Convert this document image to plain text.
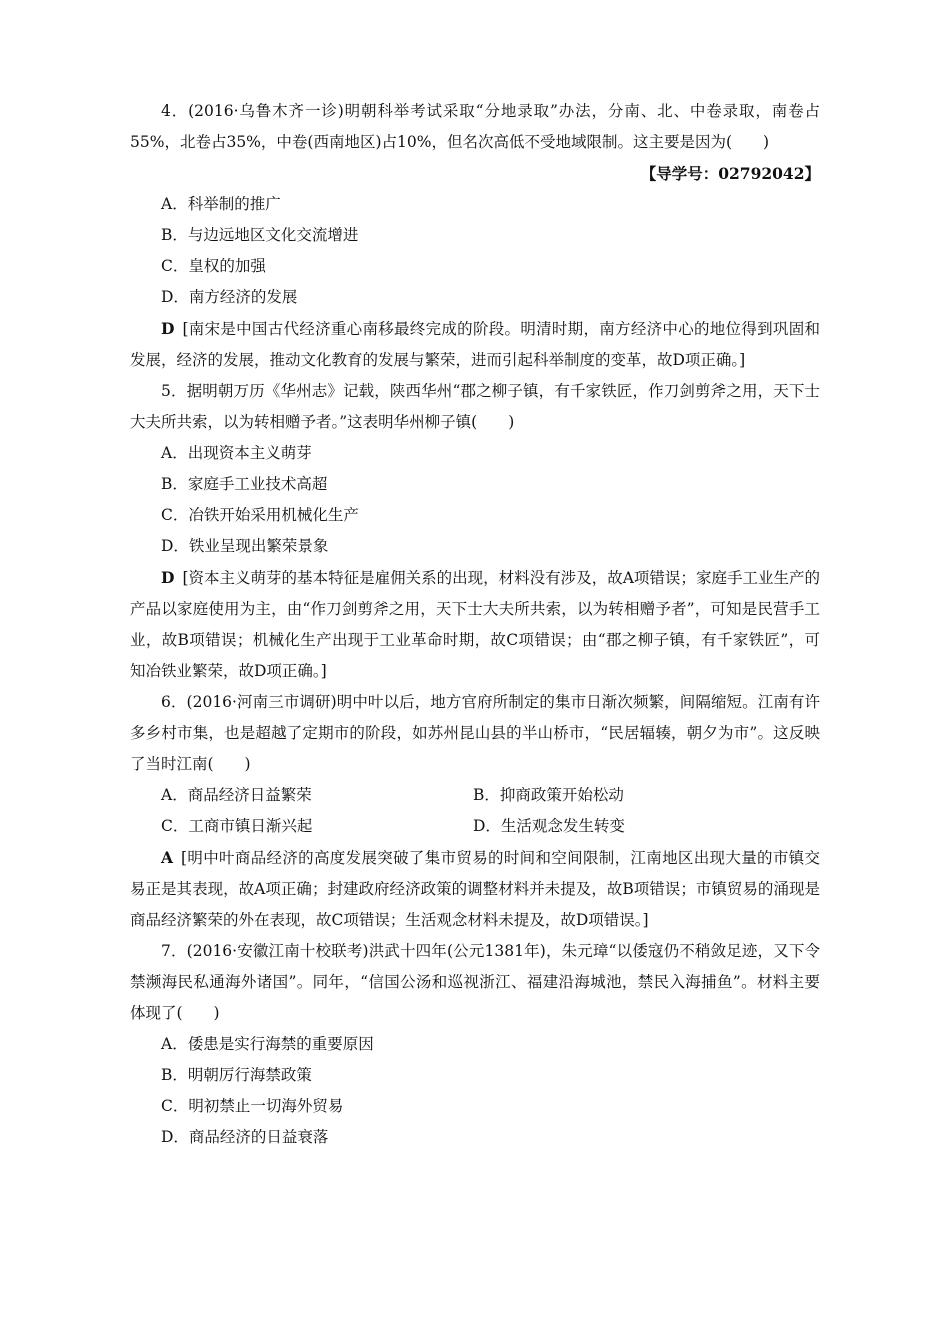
4．(2016·乌鲁木齐一诊)明朝科举考试采取“分地录取”办法，分南、北、中卷录取，南卷占55%，北卷占35%，中卷(西南地区)占10%，但名次高低不受地域限制。这主要是因为(　　)

【导学号：02792042】

A．科举制的推广

B．与边远地区文化交流增进

C．皇权的加强

D．南方经济的发展

D [南宋是中国古代经济重心南移最终完成的阶段。明清时期，南方经济中心的地位得到巩固和发展，经济的发展，推动文化教育的发展与繁荣，进而引起科举制度的变革，故D项正确。]

5．据明朝万历《华州志》记载，陕西华州“郡之柳子镇，有千家铁匠，作刀剑剪斧之用，天下士大夫所共索，以为转相赠予者。”这表明华州柳子镇(　　)

A．出现资本主义萌芽

B．家庭手工业技术高超

C．冶铁开始采用机械化生产

D．铁业呈现出繁荣景象

D [资本主义萌芽的基本特征是雇佣关系的出现，材料没有涉及，故A项错误；家庭手工业生产的产品以家庭使用为主，由“作刀剑剪斧之用，天下士大夫所共索，以为转相赠予者”，可知是民营手工业，故B项错误；机械化生产出现于工业革命时期，故C项错误；由“郡之柳子镇，有千家铁匠”，可知冶铁业繁荣，故D项正确。]

6．(2016·河南三市调研)明中叶以后，地方官府所制定的集市日渐次频繁，间隔缩短。江南有许多乡村市集，也是超越了定期市的阶段，如苏州昆山县的半山桥市，“民居辐辏，朝夕为市”。这反映了当时江南(　　)

A．商品经济日益繁荣	B．抑商政策开始松动
C．工商市镇日渐兴起	D．生活观念发生转变

A [明中叶商品经济的高度发展突破了集市贸易的时间和空间限制，江南地区出现大量的市镇交易正是其表现，故A项正确；封建政府经济政策的调整材料并未提及，故B项错误；市镇贸易的涌现是商品经济繁荣的外在表现，故C项错误；生活观念材料未提及，故D项错误。]

7．(2016·安徽江南十校联考)洪武十四年(公元1381年)，朱元璋“以倭寇仍不稍敛足迹，又下令禁濒海民私通海外诸国”。同年，“信国公汤和巡视浙江、福建沿海城池，禁民入海捕鱼”。材料主要体现了(　　)

A．倭患是实行海禁的重要原因

B．明朝厉行海禁政策

C．明初禁止一切海外贸易

D．商品经济的日益衰落
